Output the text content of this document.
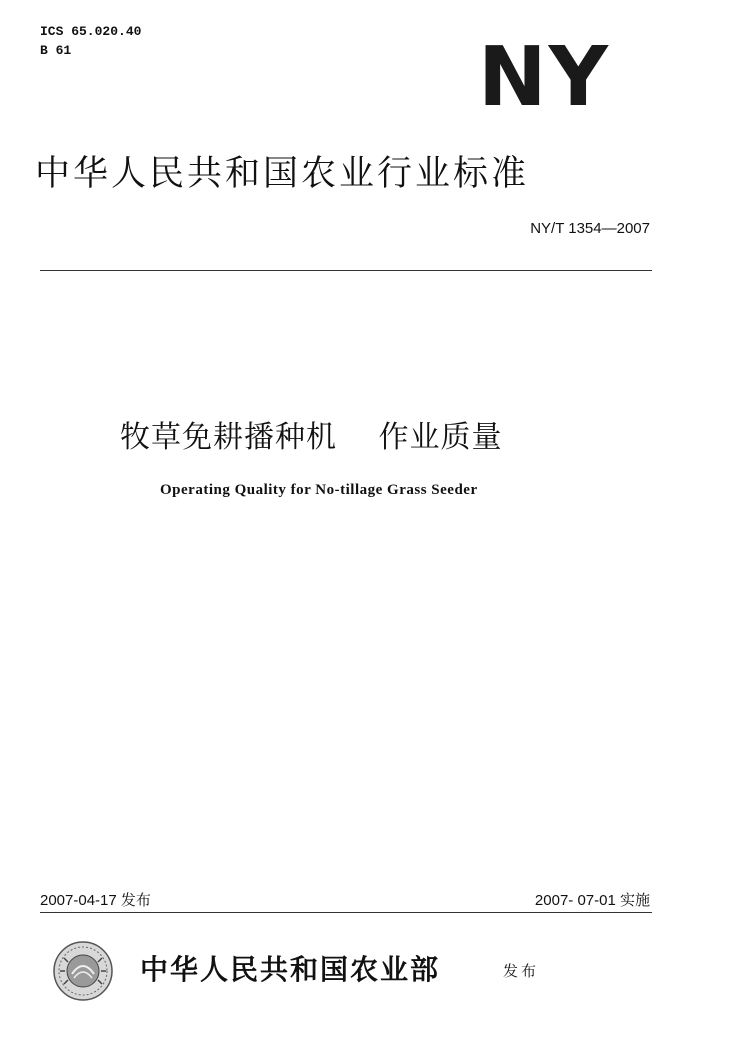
ICS 65.020.40
B 61	NY
中华人民共和国农业行业标准
NY/T 1354—2007
牧草免耕播种机　 作业质量
Operating Quality for No-tillage Grass Seeder
2007-04-17 发布	2007- 07-01 实施
中华人民共和国农业部	发布
